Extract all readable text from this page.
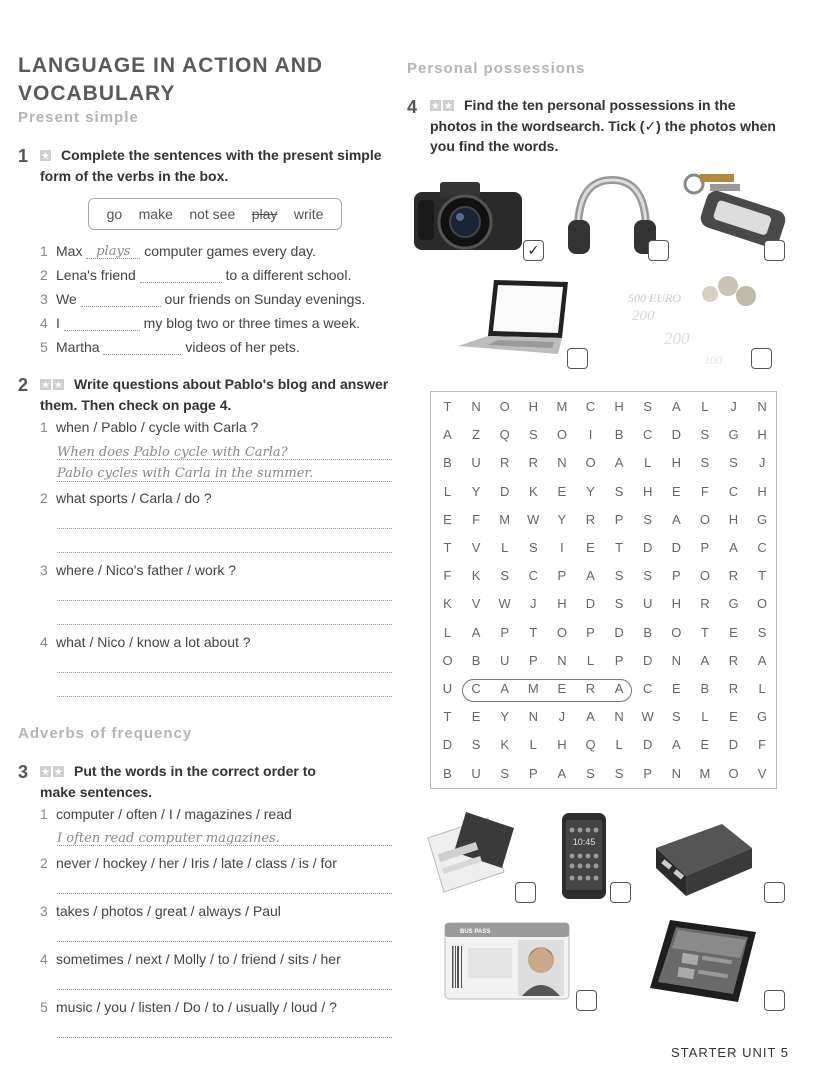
LANGUAGE IN ACTION AND
VOCABULARY
Present simple
1 ★	Complete the sentences with the present simple
form of the verbs in the box.
go make not see play write
1 Max plays computer games every day.
2 Lena's friend	to a different school.
3 We	our friends on Sunday evenings.
4 I	my blog two or three times a week.
5 Martha	videos of her pets.
2 ★★	Write questions about Pablo's blog and answer
them. Then check on page 4.
1 when / Pablo / cycle with Carla ?
When does Pablo cycle with Carla?
Pablo cycles with Carla in the summer.
2 what sports / Carla / do ?
3 where / Nico's father / work ?
4 what / Nico / know a lot about ?
Adverbs of frequency
3 ★★	Put the words in the correct order to
make sentences.
1 computer / often / I / magazines / read
I often read computer magazines.
2 never / hockey / her / Iris / late / class / is / for
3 takes / photos / great / always / Paul
4 sometimes / next / Molly / to / friend / sits / her
5 music / you / listen / Do / to / usually / loud / ?
Personal possessions
4 ★★	Find the ten personal possessions in the
photos in the wordsearch. Tick (✓) the photos when
you find the words.
✓
500 EURO
200
200
100
T	N	O	H	M	C	H	S	A	L	J	N
A	Z	Q	S	O	I	B	C	D	S	G	H
B	U	R	R	N	O	A	L	H	S	S	J
L	Y	D	K	E	Y	S	H	E	F	C	H
E	F	M	W	Y	R	P	S	A	O	H	G
T	V	L	S	I	E	T	D	D	P	A	C
F	K	S	C	P	A	S	S	P	O	R	T
K	V	W	J	H	D	S	U	H	R	G	O
L	A	P	T	O	P	D	B	O	T	E	S
O	B	U	P	N	L	P	D	N	A	R	A
U	C	A	M	E	R	A	C	E	B	R	L
T	E	Y	N	J	A	N	W	S	L	E	G
D	S	K	L	H	Q	L	D	A	E	D	F
B	U	S	P	A	S	S	P	N	M	O	V
10:45
BUS PASS
STARTER UNIT 5
